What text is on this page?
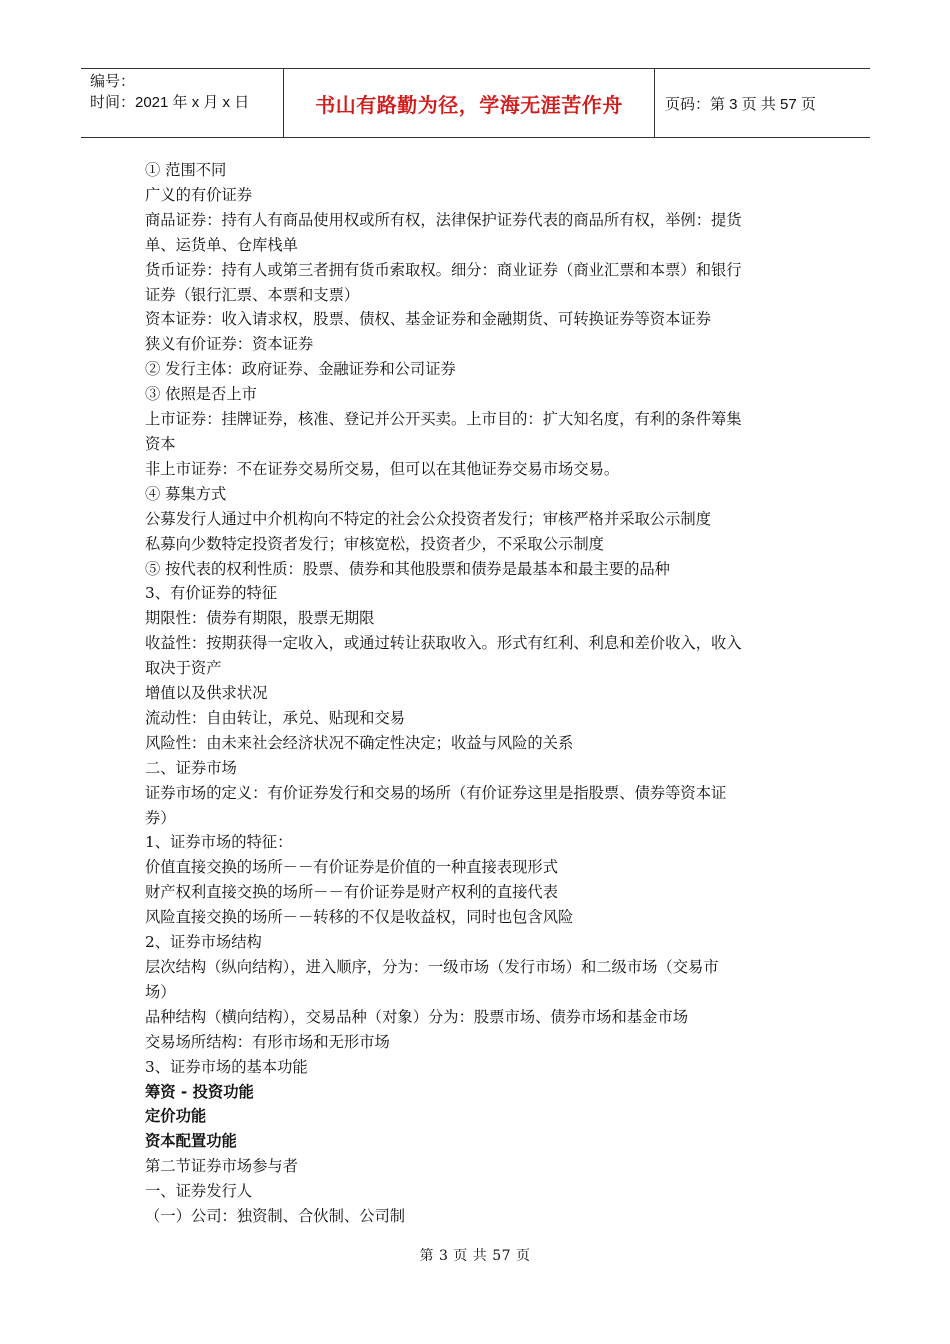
编号：
时间：2021 年 x 月 x 日	书山有路勤为径，学海无涯苦作舟	页码：第 3 页 共 57 页
① 范围不同
广义的有价证券
商品证券：持有人有商品使用权或所有权，法律保护证券代表的商品所有权，举例：提货
单、运货单、仓库栈单
货币证券：持有人或第三者拥有货币索取权。细分：商业证券（商业汇票和本票）和银行
证券（银行汇票、本票和支票）
资本证券：收入请求权，股票、债权、基金证券和金融期货、可转换证券等资本证券
狭义有价证券：资本证券
② 发行主体：政府证券、金融证券和公司证券
③ 依照是否上市
上市证券：挂牌证券，核准、登记并公开买卖。上市目的：扩大知名度，有利的条件筹集
资本
非上市证券：不在证券交易所交易，但可以在其他证券交易市场交易。
④ 募集方式
公募发行人通过中介机构向不特定的社会公众投资者发行；审核严格并采取公示制度
私募向少数特定投资者发行；审核宽松，投资者少，不采取公示制度
⑤ 按代表的权利性质：股票、债券和其他股票和债券是最基本和最主要的品种
3、有价证券的特征
期限性：债券有期限，股票无期限
收益性：按期获得一定收入，或通过转让获取收入。形式有红利、利息和差价收入，收入
取决于资产
增值以及供求状况
流动性：自由转让，承兑、贴现和交易
风险性：由未来社会经济状况不确定性决定；收益与风险的关系
二、证券市场
证券市场的定义：有价证券发行和交易的场所（有价证券这里是指股票、债券等资本证
券）
1、证券市场的特征：
价值直接交换的场所－－有价证券是价值的一种直接表现形式
财产权利直接交换的场所－－有价证券是财产权利的直接代表
风险直接交换的场所－－转移的不仅是收益权，同时也包含风险
2、证券市场结构
层次结构（纵向结构），进入顺序，分为：一级市场（发行市场）和二级市场（交易市
场）
品种结构（横向结构），交易品种（对象）分为：股票市场、债券市场和基金市场
交易场所结构：有形市场和无形市场
3、证券市场的基本功能
筹资 - 投资功能
定价功能
资本配置功能
第二节证券市场参与者
一、证券发行人
（一）公司：独资制、合伙制、公司制
第 3 页 共 57 页
